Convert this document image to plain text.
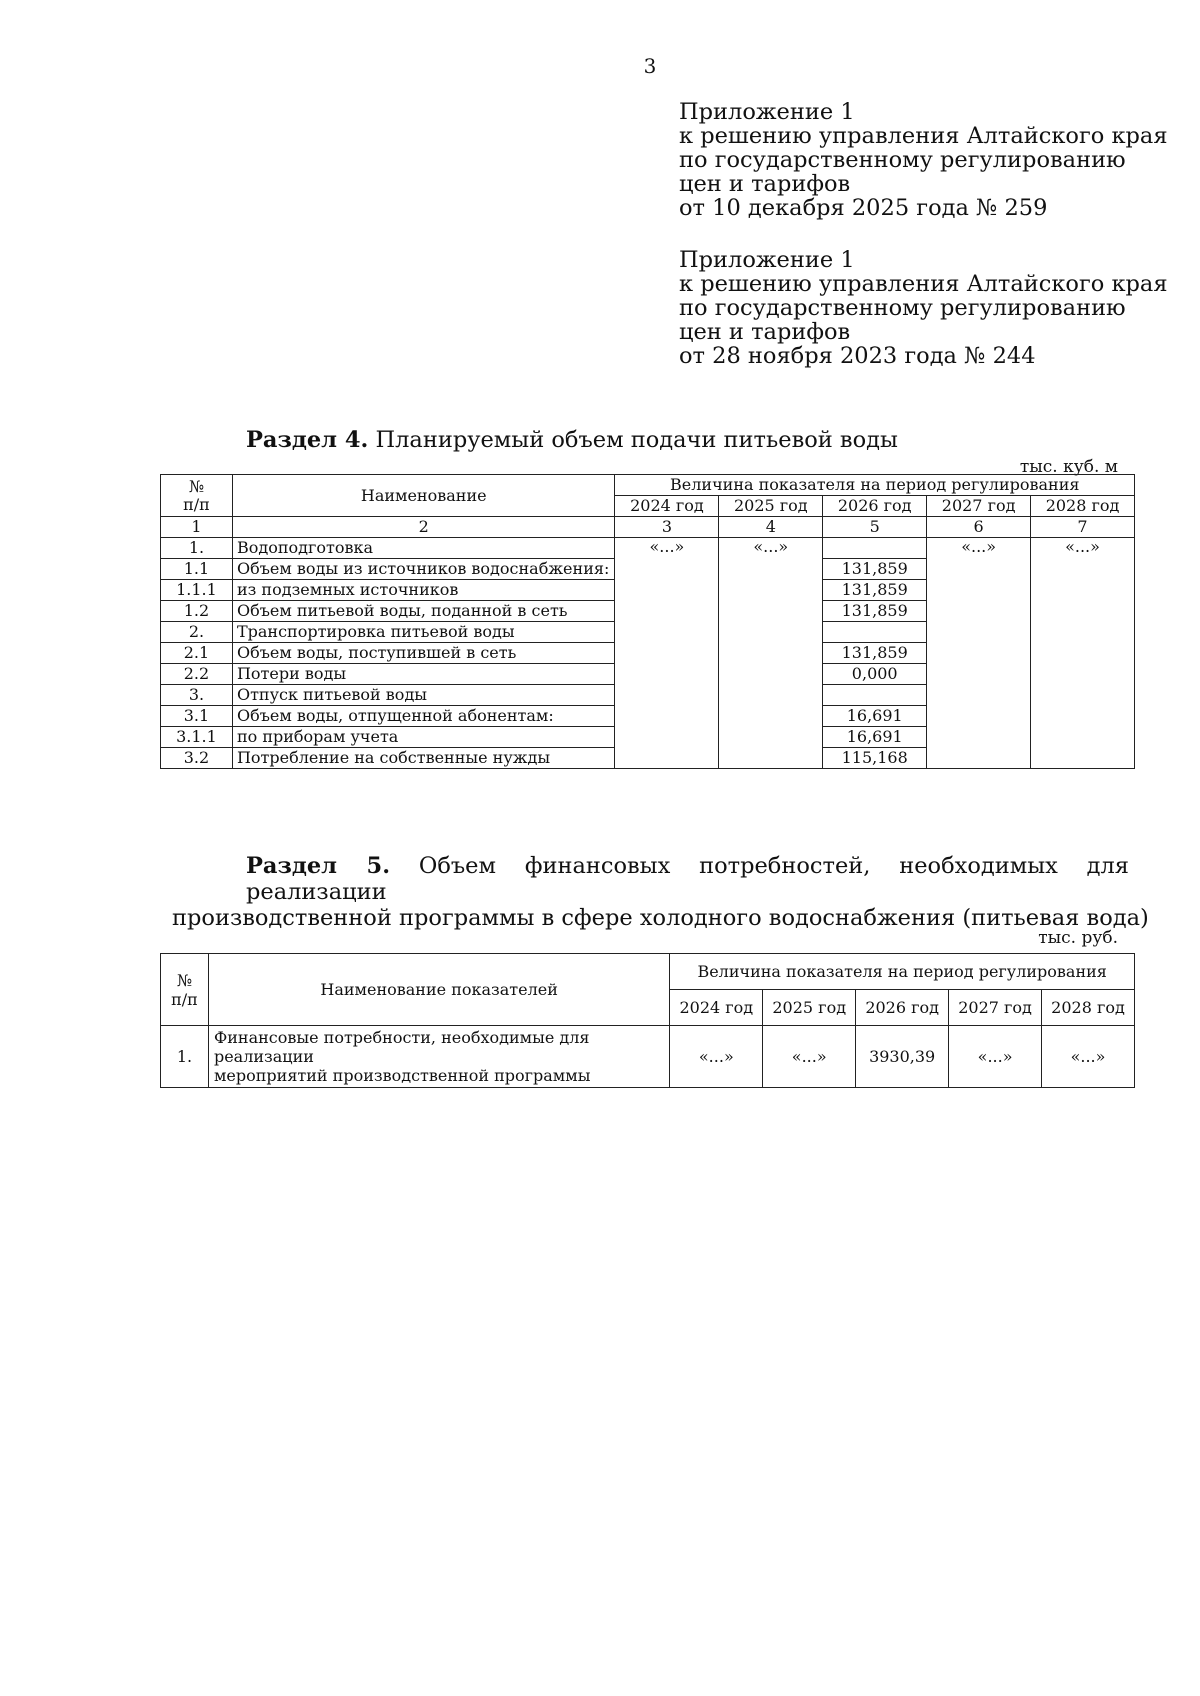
3
Приложение 1
к решению управления Алтайского края
по государственному регулированию
цен и тарифов
от 10 декабря 2025 года № 259
Приложение 1
к решению управления Алтайского края
по государственному регулированию
цен и тарифов
от 28 ноября 2023 года № 244
Раздел 4. Планируемый объем подачи питьевой воды
тыс. куб. м
№
п/п	Наименование	Величина показателя на период регулирования				
		2024 год	2025 год	2026 год	2027 год	2028 год
1	2	3	4	5	6	7
1.	Водоподготовка	«...»	«...»		«...»	«...»
1.1	Объем воды из источников водоснабжения:			131,859		
1.1.1	из подземных источников			131,859		
1.2	Объем питьевой воды, поданной в сеть			131,859		
2.	Транспортировка питьевой воды					
2.1	Объем воды, поступившей в сеть			131,859		
2.2	Потери воды			0,000		
3.	Отпуск питьевой воды					
3.1	Объем воды, отпущенной абонентам:			16,691		
3.1.1	по приборам учета			16,691		
3.2	Потребление на собственные нужды			115,168		
Раздел 5. Объем финансовых потребностей, необходимых для реализации
производственной программы в сфере холодного водоснабжения (питьевая вода)
тыс. руб.
№
п/п	Наименование показателей	Величина показателя на период регулирования				
		2024 год	2025 год	2026 год	2027 год	2028 год
1.	Финансовые потребности, необходимые для реализации
мероприятий производственной программы	«...»	«...»	3930,39	«...»	«...»
